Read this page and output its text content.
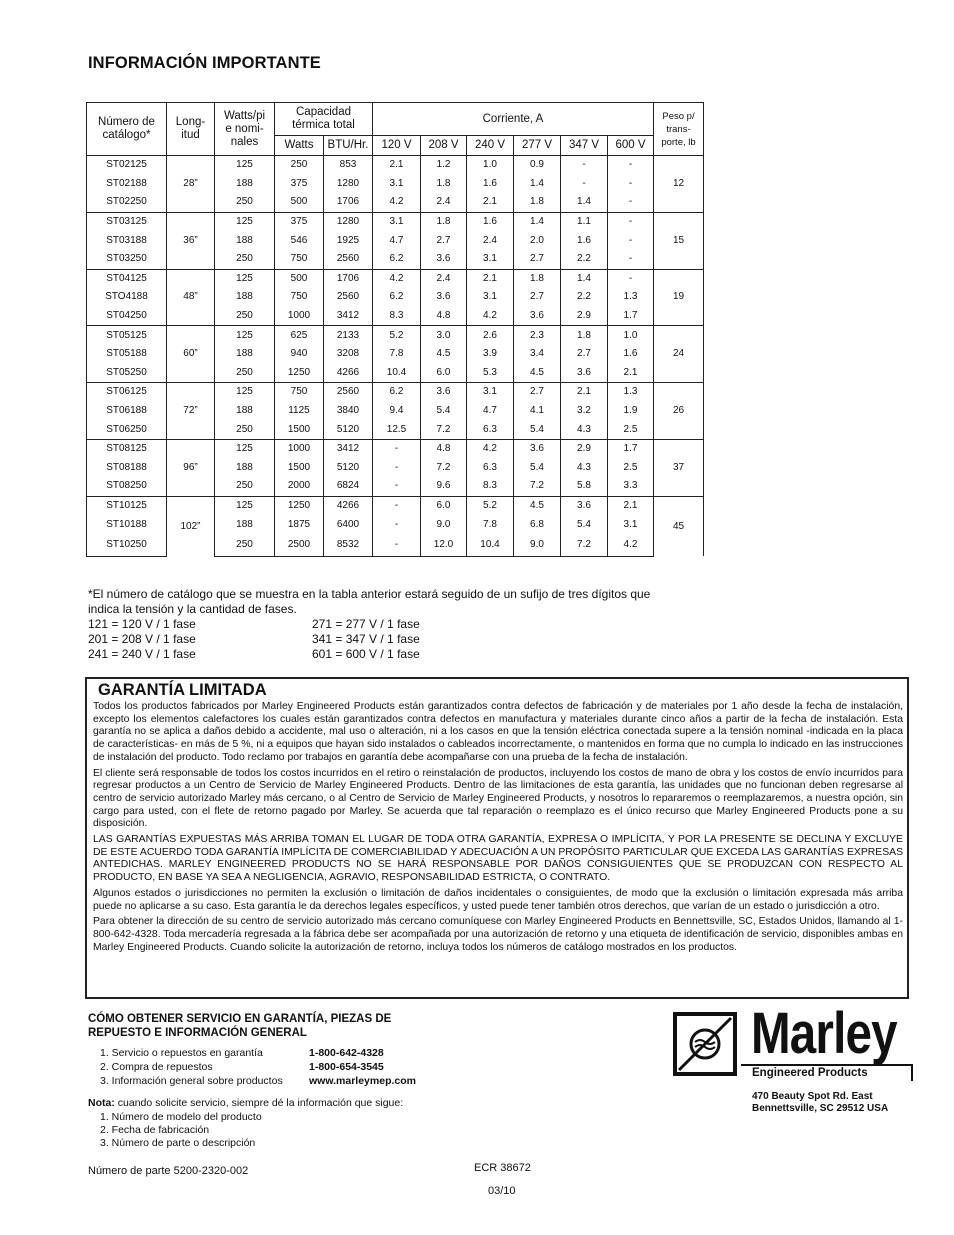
INFORMACIÓN IMPORTANTE
Número de catálogo*	Long- itud	Watts/pi e nomi- nales	Capacidad térmica total		Corriente, A						Peso p/ trans- porte, lb
			Watts	BTU/Hr.	120 V	208 V	240 V	277 V	347 V	600 V	
ST02125	28”	125	250	853	2.1	1.2	1.0	0.9	-	-	12
ST02188		188	375	1280	3.1	1.8	1.6	1.4	-	-	
ST02250		250	500	1706	4.2	2.4	2.1	1.8	1.4	-	
ST03125	36”	125	375	1280	3.1	1.8	1.6	1.4	1.1	-	15
ST03188		188	546	1925	4.7	2.7	2.4	2.0	1.6	-	
ST03250		250	750	2560	6.2	3.6	3.1	2.7	2.2	-	
ST04125	48”	125	500	1706	4.2	2.4	2.1	1.8	1.4	-	19
STO4188		188	750	2560	6.2	3.6	3.1	2.7	2.2	1.3	
ST04250		250	1000	3412	8.3	4.8	4.2	3.6	2.9	1.7	
ST05125	60”	125	625	2133	5.2	3.0	2.6	2.3	1.8	1.0	24
ST05188		188	940	3208	7.8	4.5	3.9	3.4	2.7	1.6	
ST05250		250	1250	4266	10.4	6.0	5.3	4.5	3.6	2.1	
ST06125	72”	125	750	2560	6.2	3.6	3.1	2.7	2.1	1.3	26
ST06188		188	1125	3840	9.4	5.4	4.7	4.1	3.2	1.9	
ST06250		250	1500	5120	12.5	7.2	6.3	5.4	4.3	2.5	
ST08125	96”	125	1000	3412	-	4.8	4.2	3.6	2.9	1.7	37
ST08188		188	1500	5120	-	7.2	6.3	5.4	4.3	2.5	
ST08250		250	2000	6824	-	9.6	8.3	7.2	5.8	3.3	
ST10125	102”	125	1250	4266	-	6.0	5.2	4.5	3.6	2.1	45
ST10188		188	1875	6400	-	9.0	7.8	6.8	5.4	3.1	
ST10250		250	2500	8532	-	12.0	10.4	9.0	7.2	4.2	
*El número de catálogo que se muestra en la tabla anterior estará seguido de un sufijo de tres dígitos que
indica la tensión y la cantidad de fases.
121 = 120 V / 1 fase
201 = 208 V / 1 fase
241 = 240 V / 1 fase
271 = 277 V / 1 fase
341 = 347 V / 1 fase
601 = 600 V / 1 fase
GARANTÍA LIMITADA

Todos los productos fabricados por Marley Engineered Products están garantizados contra defectos de fabricación y de materiales por 1 año desde la fecha de instalación, excepto los elementos calefactores los cuales están garantizados contra defectos en manufactura y materiales durante cinco años a partir de la fecha de instalación. Esta garantía no se aplica a daños debido a accidente, mal uso o alteración, ni a los casos en que la tensión eléctrica conectada supere a la tensión nominal -indicada en la placa de características- en más de 5 %, ni a equipos que hayan sido instalados o cableados incorrectamente, o mantenidos en forma que no cumpla lo indicado en las instrucciones de instalación del producto. Todo reclamo por trabajos en garantía debe acompañarse con una prueba de la fecha de instalación.

El cliente será responsable de todos los costos incurridos en el retiro o reinstalación de productos, incluyendo los costos de mano de obra y los costos de envío incurridos para regresar productos a un Centro de Servicio de Marley Engineered Products. Dentro de las limitaciones de esta garantía, las unidades que no funcionan deben regresarse al centro de servicio autorizado Marley más cercano, o al Centro de Servicio de Marley Engineered Products, y nosotros lo repararemos o reemplazaremos, a nuestra opción, sin cargo para usted, con el flete de retorno pagado por Marley. Se acuerda que tal reparación o reemplazo es el único recurso que Marley Engineered Products pone a su disposición.

LAS GARANTÍAS EXPUESTAS MÁS ARRIBA TOMAN EL LUGAR DE TODA OTRA GARANTÍA, EXPRESA O IMPLÍCITA, Y POR LA PRESENTE SE DECLINA Y EXCLUYE DE ESTE ACUERDO TODA GARANTÍA IMPLÍCITA DE COMERCIABILIDAD Y ADECUACIÓN A UN PROPÓSITO PARTICULAR QUE EXCEDA LAS GARANTÍAS EXPRESAS ANTEDICHAS. MARLEY ENGINEERED PRODUCTS NO SE HARÁ RESPONSABLE POR DAÑOS CONSIGUIENTES QUE SE PRODUZCAN CON RESPECTO AL PRODUCTO, EN BASE YA SEA A NEGLIGENCIA, AGRAVIO, RESPONSABILIDAD ESTRICTA, O CONTRATO.

Algunos estados o jurisdicciones no permiten la exclusión o limitación de daños incidentales o consiguientes, de modo que la exclusión o limitación expresada más arriba puede no aplicarse a su caso. Esta garantía le da derechos legales específicos, y usted puede tener también otros derechos, que varían de un estado o jurisdicción a otro.

Para obtener la dirección de su centro de servicio autorizado más cercano comuníquese con Marley Engineered Products en Bennettsville, SC, Estados Unidos, llamando al 1-800-642-4328. Toda mercadería regresada a la fábrica debe ser acompañada por una autorización de retorno y una etiqueta de identificación de servicio, disponibles ambas en Marley Engineered Products. Cuando solicite la autorización de retorno, incluya todos los números de catálogo mostrados en los productos.

CÓMO OBTENER SERVICIO EN GARANTÍA, PIEZAS DE
REPUESTO E INFORMACIÓN GENERAL
1. Servicio o repuestos en garantía	1-800-642-4328
2. Compra de repuestos	1-800-654-3545
3. Información general sobre productos	www.marleymep.com
Nota: cuando solicite servicio, siempre dé la información que sigue:
1. Número de modelo del producto
2. Fecha de fabricación
3. Número de parte o descripción
Marley
Engineered Products
470 Beauty Spot Rd. East
Bennettsville, SC 29512 USA
Número de parte 5200-2320-002	ECR 38672
03/10
